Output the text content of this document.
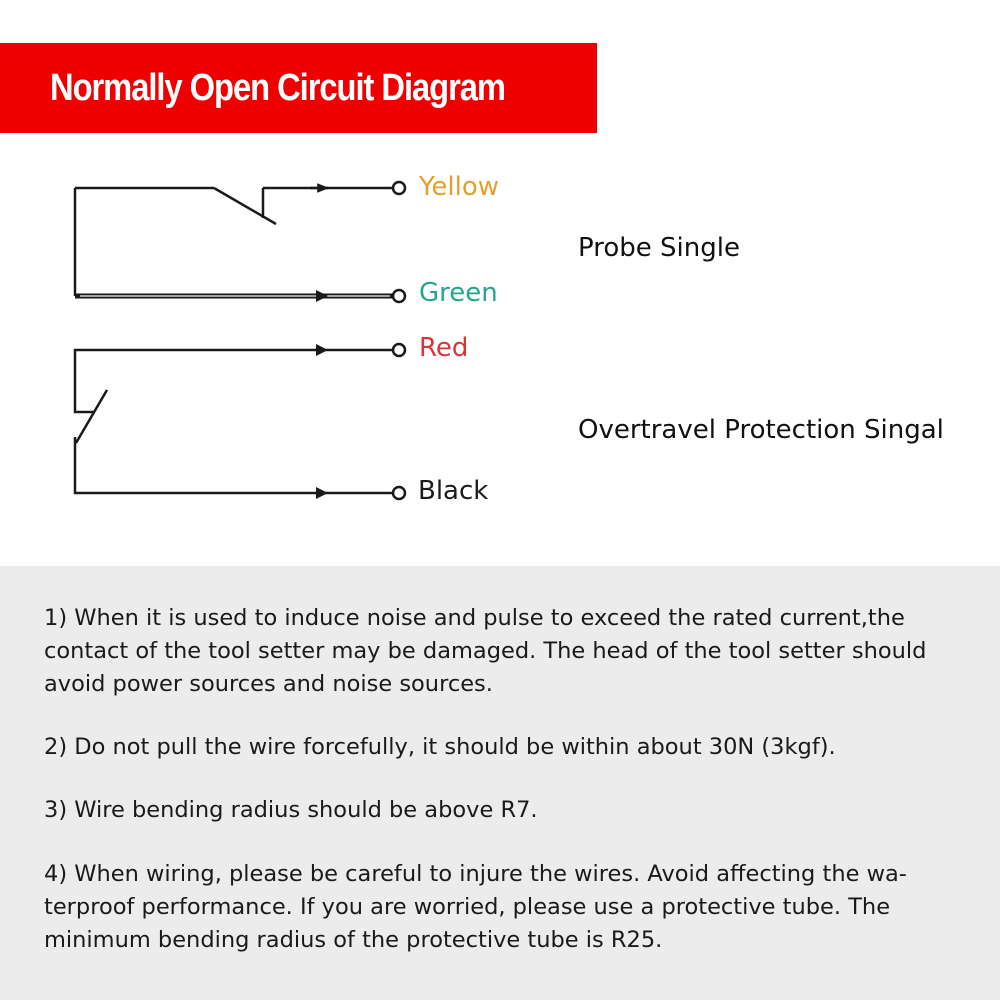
Normally Open Circuit Diagram
Yellow
Green
Red
Black
Probe Single
Overtravel Protection Singal

1) When it is used to induce noise and pulse to exceed the rated current,the contact of the tool setter may be damaged. The head of the tool setter should avoid power sources and noise sources.

2) Do not pull the wire forcefully, it should be within about 30N (3kgf).

3) Wire bending radius should be above R7.

4) When wiring, please be careful to injure the wires. Avoid affecting the wa-terproof performance. If you are worried, please use a protective tube. The minimum bending radius of the protective tube is R25.
